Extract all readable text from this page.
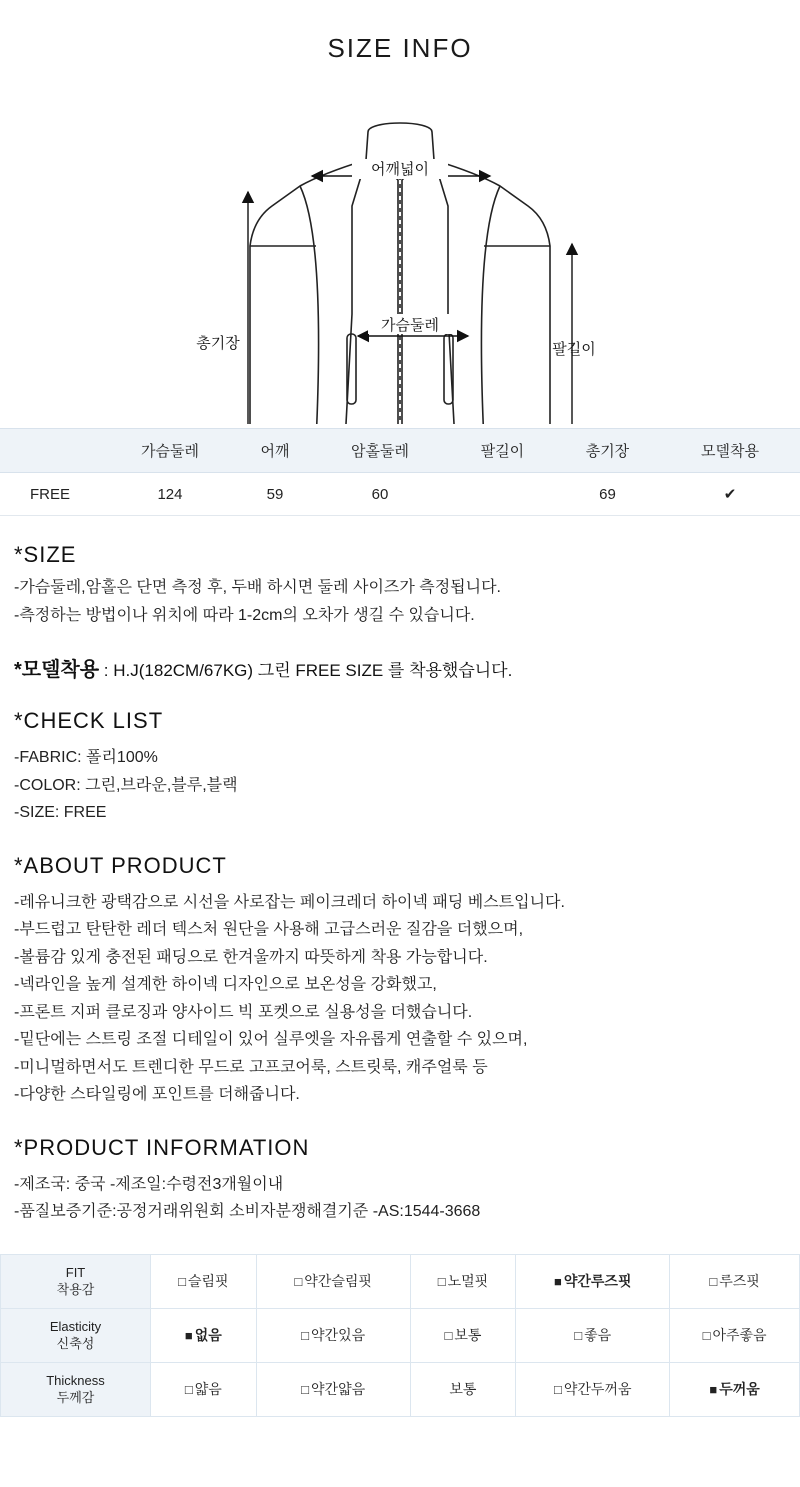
SIZE INFO
어깨넓이
가슴둘레
총기장	팔길이
	가슴둘레	어깨	암홀둘레	팔길이	총기장	모델착용
FREE	124	59	60		69	✔
*SIZE
-가슴둘레,암홀은 단면 측정 후, 두배 하시면 둘레 사이즈가 측정됩니다.
-측정하는 방법이나 위치에 따라 1-2cm의 오차가 생길 수 있습니다.
*모델착용 : H.J(182CM/67KG) 그린 FREE SIZE 를 착용했습니다.
*CHECK LIST
-FABRIC: 폴리100%
-COLOR: 그린,브라운,블루,블랙
-SIZE: FREE
*ABOUT PRODUCT
-레유니크한 광택감으로 시선을 사로잡는 페이크레더 하이넥 패딩 베스트입니다.
-부드럽고 탄탄한 레더 텍스처 원단을 사용해 고급스러운 질감을 더했으며,
-볼륨감 있게 충전된 패딩으로 한겨울까지 따뜻하게 착용 가능합니다.
-넥라인을 높게 설계한 하이넥 디자인으로 보온성을 강화했고,
-프론트 지퍼 클로징과 양사이드 빅 포켓으로 실용성을 더했습니다.
-밑단에는 스트링 조절 디테일이 있어 실루엣을 자유롭게 연출할 수 있으며,
-미니멀하면서도 트렌디한 무드로 고프코어룩, 스트릿룩, 캐주얼룩 등
-다양한 스타일링에 포인트를 더해줍니다.
*PRODUCT INFORMATION
-제조국: 중국 -제조일:수령전3개월이내
-품질보증기준:공정거래위원회 소비자분쟁해결기준 -AS:1544-3668
FIT
착용감	□ 슬림핏	□ 약간슬림핏	□ 노멀핏	■ 약간루즈핏	□ 루즈핏

Elasticity
신축성	■ 없음	□ 약간있음	□ 보통	□ 좋음	□ 아주좋음

Thickness
두께감	□ 얇음	□ 약간얇음	보통	□ 약간두꺼움	■ 두꺼움
